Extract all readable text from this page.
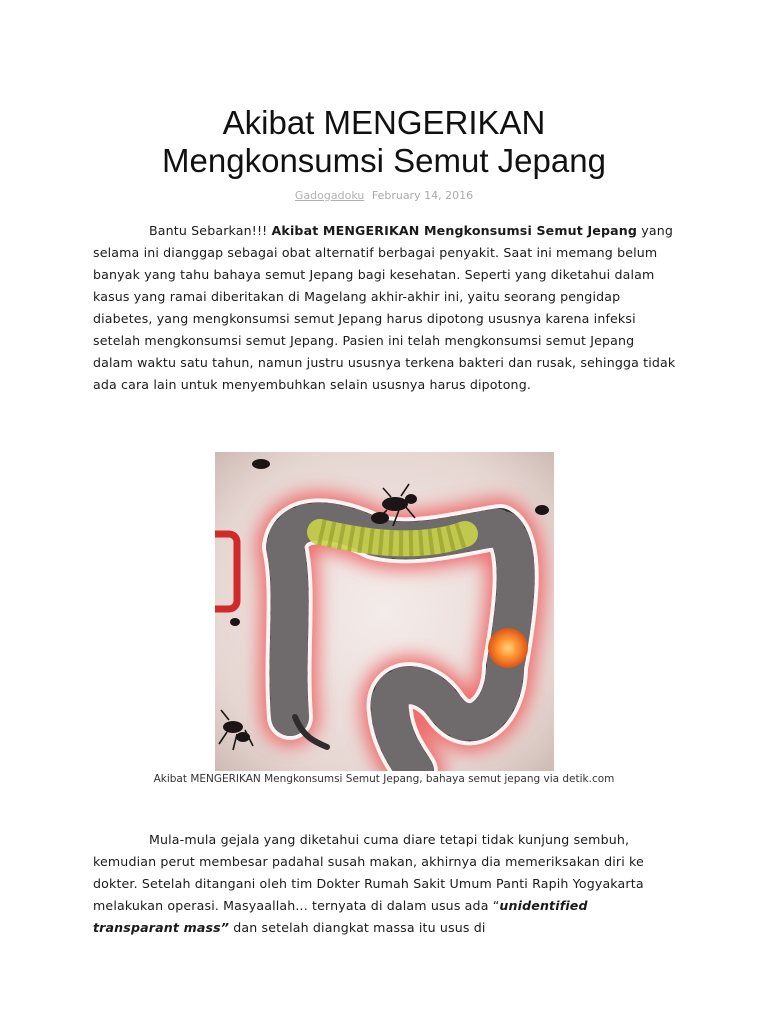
Akibat MENGERIKAN
Mengkonsumsi Semut Jepang
Gadogadoku February 14, 2016

Bantu Sebarkan!!! Akibat MENGERIKAN Mengkonsumsi Semut Jepang yang selama ini dianggap sebagai obat alternatif berbagai penyakit. Saat ini memang belum banyak yang tahu bahaya semut Jepang bagi kesehatan. Seperti yang diketahui dalam kasus yang ramai diberitakan di Magelang akhir-akhir ini, yaitu seorang pengidap diabetes, yang mengkonsumsi semut Jepang harus dipotong ususnya karena infeksi setelah mengkonsumsi semut Jepang. Pasien ini telah mengkonsumsi semut Jepang dalam waktu satu tahun, namun justru ususnya terkena bakteri dan rusak, sehingga tidak ada cara lain untuk menyembuhkan selain ususnya harus dipotong.

Akibat MENGERIKAN Mengkonsumsi Semut Jepang, bahaya semut jepang via detik.com

Mula-mula gejala yang diketahui cuma diare tetapi tidak kunjung sembuh, kemudian perut membesar padahal susah makan, akhirnya dia memeriksakan diri ke dokter. Setelah ditangani oleh tim Dokter Rumah Sakit Umum Panti Rapih Yogyakarta melakukan operasi. Masyaallah... ternyata di dalam usus ada “unidentified transparant mass” dan setelah diangkat massa itu usus di
